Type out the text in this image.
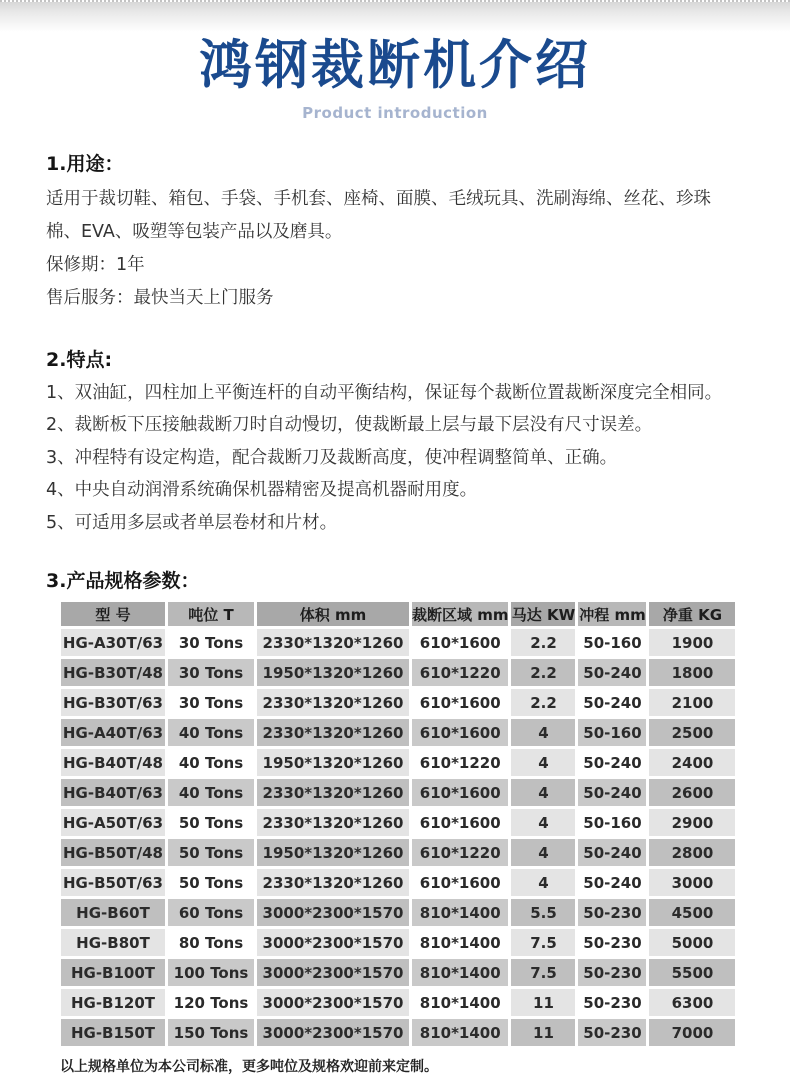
鸿钢裁断机介绍
Product introduction
1.用途：

适用于裁切鞋、箱包、手袋、手机套、座椅、面膜、毛绒玩具、洗刷海绵、丝花、珍珠棉、EVA、吸塑等包装产品以及磨具。

保修期：1年
售后服务：最快当天上门服务
2.特点:
1、双油缸，四柱加上平衡连杆的自动平衡结构，保证每个裁断位置裁断深度完全相同。
2、裁断板下压接触裁断刀时自动慢切，使裁断最上层与最下层没有尺寸误差。
3、冲程特有设定构造，配合裁断刀及裁断高度，使冲程调整简单、正确。
4、中央自动润滑系统确保机器精密及提高机器耐用度。
5、可适用多层或者单层卷材和片材。
3.产品规格参数：
型 号	吨位 T	体积 mm	裁断区域 mm	马达 KW	冲程 mm	净重 KG
HG-A30T/63	30 Tons	2330*1320*1260	610*1600	2.2	50-160	1900
HG-B30T/48	30 Tons	1950*1320*1260	610*1220	2.2	50-240	1800
HG-B30T/63	30 Tons	2330*1320*1260	610*1600	2.2	50-240	2100
HG-A40T/63	40 Tons	2330*1320*1260	610*1600	4	50-160	2500
HG-B40T/48	40 Tons	1950*1320*1260	610*1220	4	50-240	2400
HG-B40T/63	40 Tons	2330*1320*1260	610*1600	4	50-240	2600
HG-A50T/63	50 Tons	2330*1320*1260	610*1600	4	50-160	2900
HG-B50T/48	50 Tons	1950*1320*1260	610*1220	4	50-240	2800
HG-B50T/63	50 Tons	2330*1320*1260	610*1600	4	50-240	3000
HG-B60T	60 Tons	3000*2300*1570	810*1400	5.5	50-230	4500
HG-B80T	80 Tons	3000*2300*1570	810*1400	7.5	50-230	5000
HG-B100T	100 Tons	3000*2300*1570	810*1400	7.5	50-230	5500
HG-B120T	120 Tons	3000*2300*1570	810*1400	11	50-230	6300
HG-B150T	150 Tons	3000*2300*1570	810*1400	11	50-230	7000
以上规格单位为本公司标准，更多吨位及规格欢迎前来定制。
